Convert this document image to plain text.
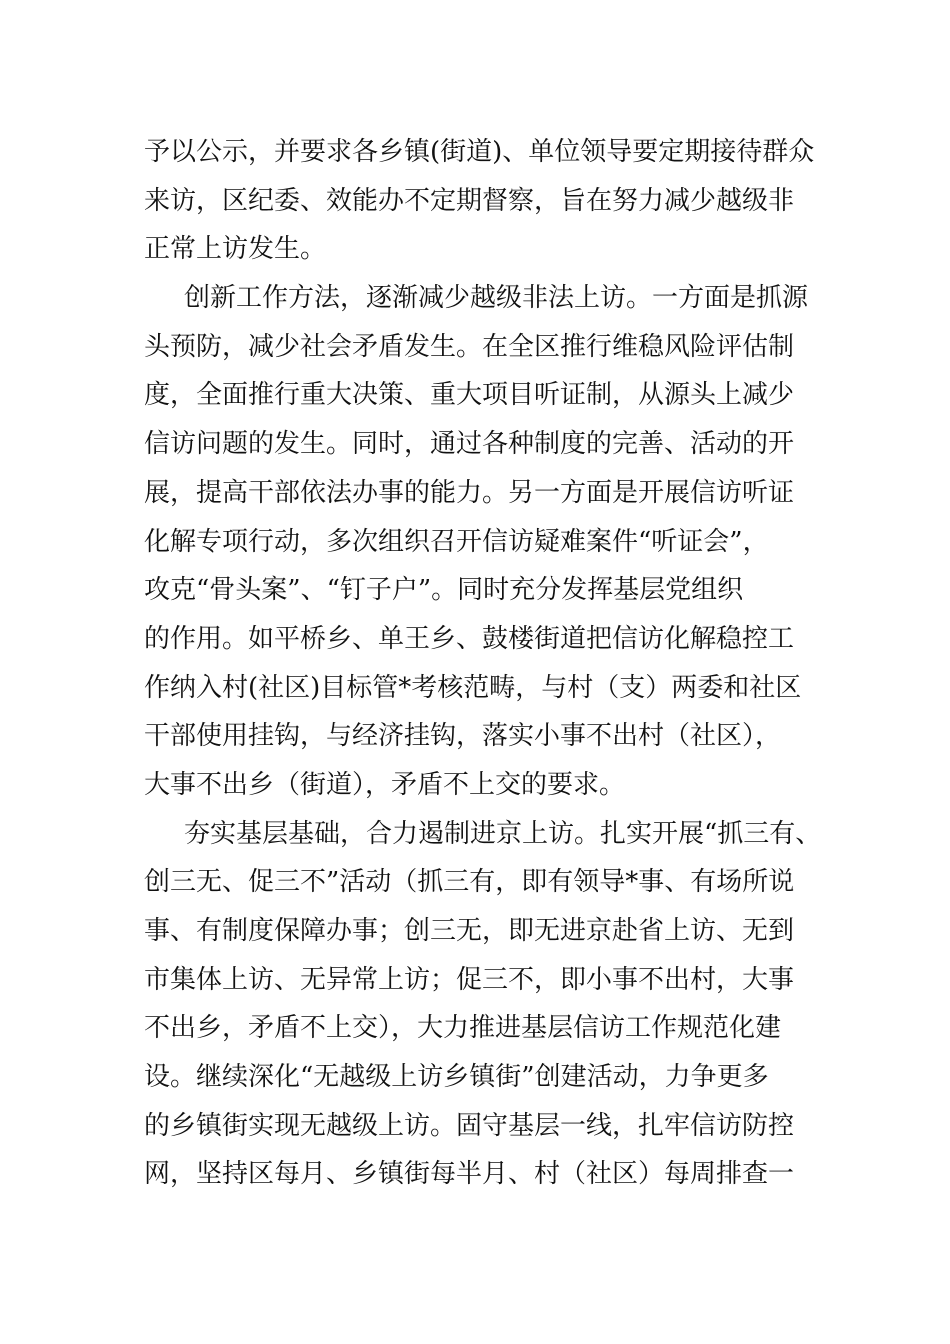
予以公示，并要求各乡镇(街道)、单位领导要定期接待群众
来访，区纪委、效能办不定期督察，旨在努力减少越级非
正常上访发生。
创新工作方法，逐渐减少越级非法上访。一方面是抓源
头预防，减少社会矛盾发生。在全区推行维稳风险评估制
度，全面推行重大决策、重大项目听证制，从源头上减少
信访问题的发生。同时，通过各种制度的完善、活动的开
展，提高干部依法办事的能力。另一方面是开展信访听证
化解专项行动，多次组织召开信访疑难案件“听证会”，
攻克“骨头案”、“钉子户”。同时充分发挥基层党组织
的作用。如平桥乡、单王乡、鼓楼街道把信访化解稳控工
作纳入村(社区)目标管*考核范畴，与村（支）两委和社区
干部使用挂钩，与经济挂钩，落实小事不出村（社区），
大事不出乡（街道），矛盾不上交的要求。
夯实基层基础，合力遏制进京上访。扎实开展“抓三有、
创三无、促三不”活动（抓三有，即有领导*事、有场所说
事、有制度保障办事；创三无，即无进京赴省上访、无到
市集体上访、无异常上访；促三不，即小事不出村，大事
不出乡，矛盾不上交），大力推进基层信访工作规范化建
设。继续深化“无越级上访乡镇街”创建活动，力争更多
的乡镇街实现无越级上访。固守基层一线，扎牢信访防控
网，坚持区每月、乡镇街每半月、村（社区）每周排查一
